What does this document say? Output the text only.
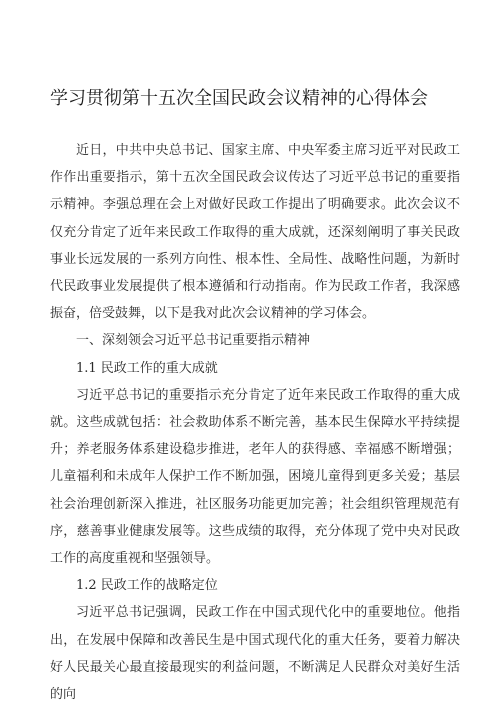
学习贯彻第十五次全国民政会议精神的心得体会

近日，中共中央总书记、国家主席、中央军委主席习近平对民政工作作出重要指示，第十五次全国民政会议传达了习近平总书记的重要指示精神。李强总理在会上对做好民政工作提出了明确要求。此次会议不仅充分肯定了近年来民政工作取得的重大成就，还深刻阐明了事关民政事业长远发展的一系列方向性、根本性、全局性、战略性问题，为新时代民政事业发展提供了根本遵循和行动指南。作为民政工作者，我深感振奋，倍受鼓舞，以下是我对此次会议精神的学习体会。

一、深刻领会习近平总书记重要指示精神

1.1 民政工作的重大成就

习近平总书记的重要指示充分肯定了近年来民政工作取得的重大成就。这些成就包括：社会救助体系不断完善，基本民生保障水平持续提升；养老服务体系建设稳步推进，老年人的获得感、幸福感不断增强；儿童福利和未成年人保护工作不断加强，困境儿童得到更多关爱；基层社会治理创新深入推进，社区服务功能更加完善；社会组织管理规范有序，慈善事业健康发展等。这些成绩的取得，充分体现了党中央对民政工作的高度重视和坚强领导。

1.2 民政工作的战略定位

习近平总书记强调，民政工作在中国式现代化中的重要地位。他指出，在发展中保障和改善民生是中国式现代化的重大任务，要着力解决好人民最关心最直接最现实的利益问题，不断满足人民群众对美好生活的向
